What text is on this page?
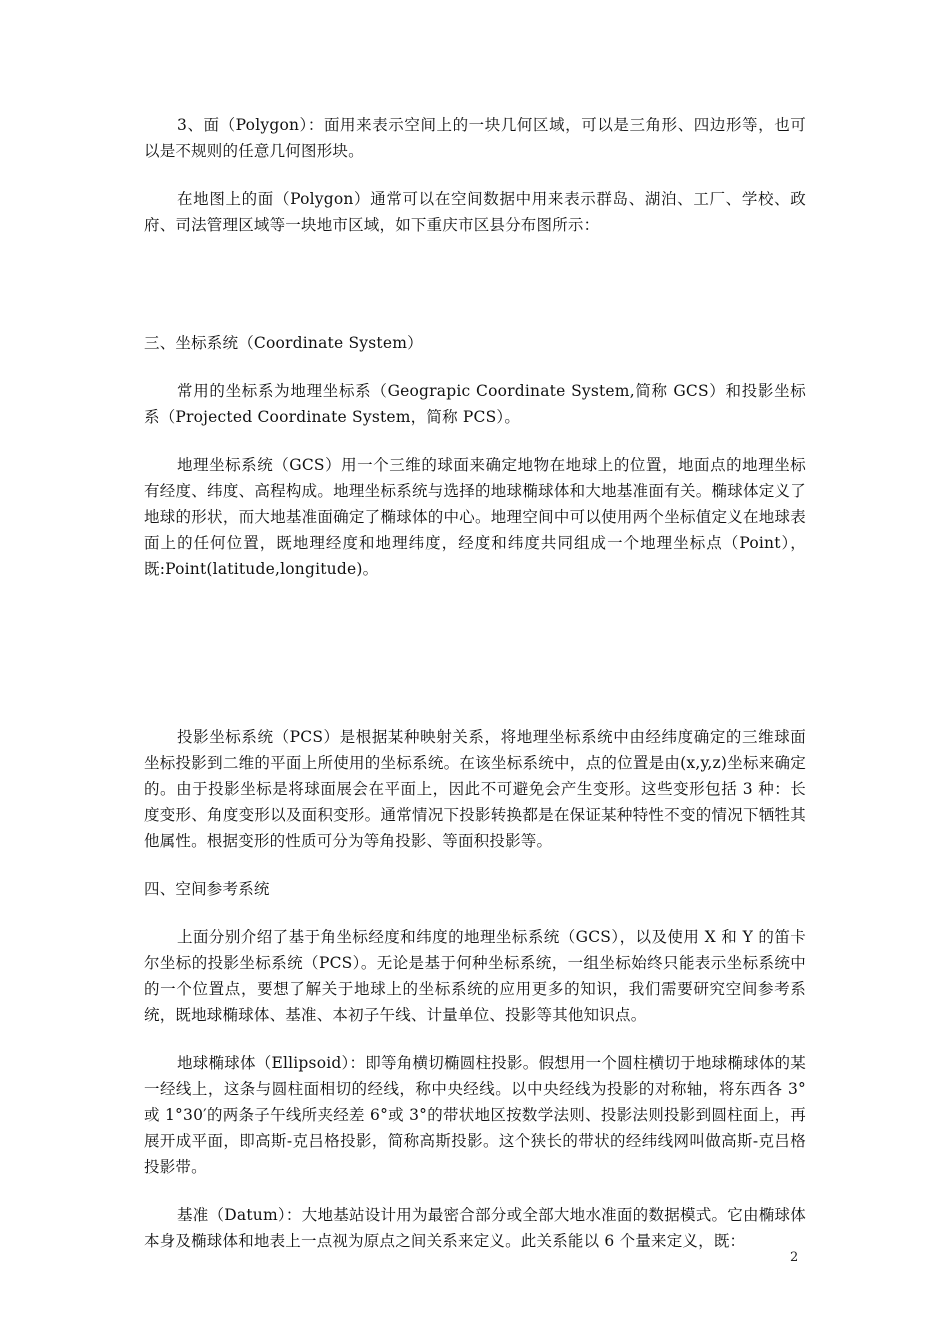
3、面（Polygon）：面用来表示空间上的一块几何区域，可以是三角形、四边形等，也可以是不规则的任意几何图形块。

在地图上的面（Polygon）通常可以在空间数据中用来表示群岛、湖泊、工厂、学校、政府、司法管理区域等一块地市区域，如下重庆市区县分布图所示：

三、坐标系统（Coordinate System）

常用的坐标系为地理坐标系（Geograpic Coordinate System,简称 GCS）和投影坐标系（Projected Coordinate System，简称 PCS）。

地理坐标系统（GCS）用一个三维的球面来确定地物在地球上的位置，地面点的地理坐标有经度、纬度、高程构成。地理坐标系统与选择的地球椭球体和大地基准面有关。椭球体定义了地球的形状，而大地基准面确定了椭球体的中心。地理空间中可以使用两个坐标值定义在地球表面上的任何位置，既地理经度和地理纬度，经度和纬度共同组成一个地理坐标点（Point），既:Point(latitude,longitude)。

投影坐标系统（PCS）是根据某种映射关系，将地理坐标系统中由经纬度确定的三维球面坐标投影到二维的平面上所使用的坐标系统。在该坐标系统中，点的位置是由(x,y,z)坐标来确定的。由于投影坐标是将球面展会在平面上，因此不可避免会产生变形。这些变形包括 3 种：长度变形、角度变形以及面积变形。通常情况下投影转换都是在保证某种特性不变的情况下牺牲其他属性。根据变形的性质可分为等角投影、等面积投影等。

四、空间参考系统

上面分别介绍了基于角坐标经度和纬度的地理坐标系统（GCS），以及使用 X 和 Y 的笛卡尔坐标的投影坐标系统（PCS）。无论是基于何种坐标系统，一组坐标始终只能表示坐标系统中的一个位置点，要想了解关于地球上的坐标系统的应用更多的知识，我们需要研究空间参考系统，既地球椭球体、基准、本初子午线、计量单位、投影等其他知识点。

地球椭球体（Ellipsoid）：即等角横切椭圆柱投影。假想用一个圆柱横切于地球椭球体的某一经线上，这条与圆柱面相切的经线，称中央经线。以中央经线为投影的对称轴，将东西各 3°或 1°30′的两条子午线所夹经差 6°或 3°的带状地区按数学法则、投影法则投影到圆柱面上，再展开成平面，即高斯-克吕格投影，简称高斯投影。这个狭长的带状的经纬线网叫做高斯-克吕格投影带。

基准（Datum）：大地基站设计用为最密合部分或全部大地水准面的数据模式。它由椭球体本身及椭球体和地表上一点视为原点之间关系来定义。此关系能以 6 个量来定义，既：

2
